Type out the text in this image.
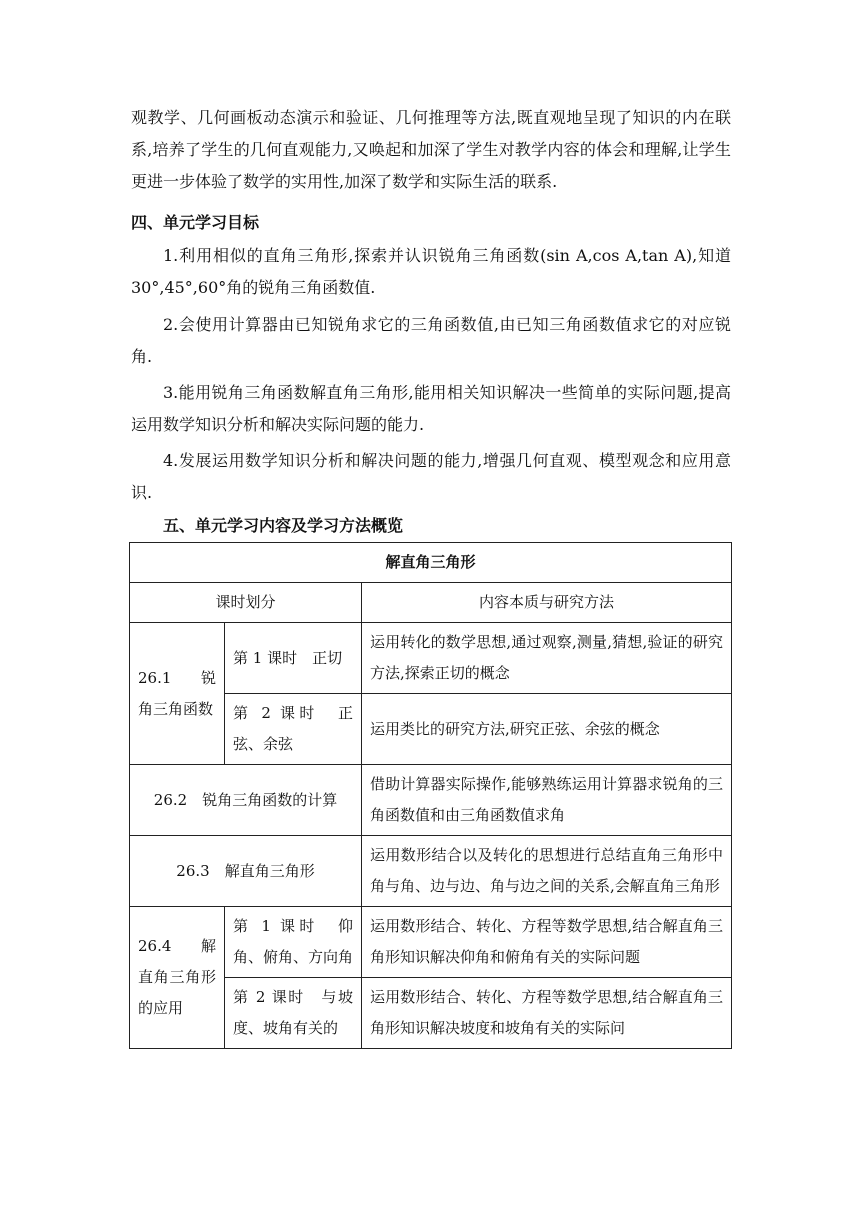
观教学、几何画板动态演示和验证、几何推理等方法,既直观地呈现了知识的内在联系,培养了学生的几何直观能力,又唤起和加深了学生对教学内容的体会和理解,让学生更进一步体验了数学的实用性,加深了数学和实际生活的联系.

四、单元学习目标

1.利用相似的直角三角形,探索并认识锐角三角函数(sin A,cos A,tan A),知道30°,45°,60°角的锐角三角函数值.

2.会使用计算器由已知锐角求它的三角函数值,由已知三角函数值求它的对应锐角.

3.能用锐角三角函数解直角三角形,能用相关知识解决一些简单的实际问题,提高运用数学知识分析和解决实际问题的能力.

4.发展运用数学知识分析和解决问题的能力,增强几何直观、模型观念和应用意识.

五、单元学习内容及学习方法概览

解直角三角形		
课时划分		内容本质与研究方法
26.1　锐角三角函数	第 1 课时　正切	运用转化的数学思想,通过观察,测量,猜想,验证的研究方法,探索正切的概念
	第 2 课时　正弦、余弦	运用类比的研究方法,研究正弦、余弦的概念
26.2　锐角三角函数的计算		借助计算器实际操作,能够熟练运用计算器求锐角的三角函数值和由三角函数值求角
26.3　解直角三角形		运用数形结合以及转化的思想进行总结直角三角形中角与角、边与边、角与边之间的关系,会解直角三角形
26.4　解直角三角形的应用	第 1 课时　仰角、俯角、方向角	运用数形结合、转化、方程等数学思想,结合解直角三角形知识解决仰角和俯角有关的实际问题
	第 2 课时　与坡度、坡角有关的	运用数形结合、转化、方程等数学思想,结合解直角三角形知识解决坡度和坡角有关的实际问
